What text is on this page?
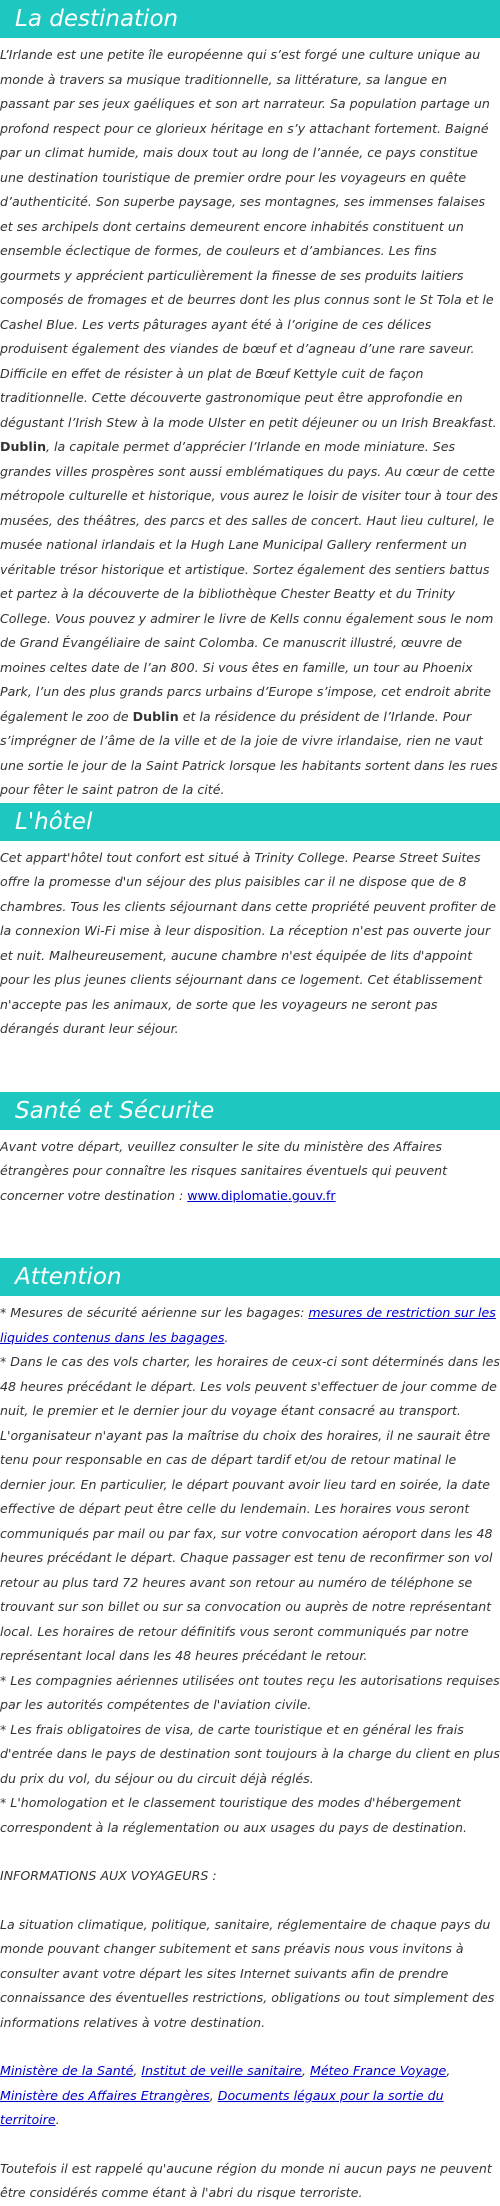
La destination

L’Irlande est une petite île européenne qui s’est forgé une culture unique au monde à travers sa musique traditionnelle, sa littérature, sa langue en passant par ses jeux gaéliques et son art narrateur. Sa population partage un profond respect pour ce glorieux héritage en s’y attachant fortement. Baigné par un climat humide, mais doux tout au long de l’année, ce pays constitue une destination touristique de premier ordre pour les voyageurs en quête d’authenticité. Son superbe paysage, ses montagnes, ses immenses falaises et ses archipels dont certains demeurent encore inhabités constituent un ensemble éclectique de formes, de couleurs et d’ambiances. Les fins gourmets y apprécient particulièrement la finesse de ses produits laitiers composés de fromages et de beurres dont les plus connus sont le St Tola et le Cashel Blue. Les verts pâturages ayant été à l’origine de ces délices produisent également des viandes de bœuf et d’agneau d’une rare saveur.

Difficile en effet de résister à un plat de Bœuf Kettyle cuit de façon traditionnelle. Cette découverte gastronomique peut être approfondie en dégustant l’Irish Stew à la mode Ulster en petit déjeuner ou un Irish Breakfast.

Dublin, la capitale permet d’apprécier l’Irlande en mode miniature. Ses grandes villes prospères sont aussi emblématiques du pays. Au cœur de cette métropole culturelle et historique, vous aurez le loisir de visiter tour à tour des musées, des théâtres, des parcs et des salles de concert. Haut lieu culturel, le musée national irlandais et la Hugh Lane Municipal Gallery renferment un véritable trésor historique et artistique. Sortez également des sentiers battus et partez à la découverte de la bibliothèque Chester Beatty et du Trinity College. Vous pouvez y admirer le livre de Kells connu également sous le nom de Grand Évangéliaire de saint Colomba. Ce manuscrit illustré, œuvre de moines celtes date de l’an 800. Si vous êtes en famille, un tour au Phoenix Park, l’un des plus grands parcs urbains d’Europe s’impose, cet endroit abrite également le zoo de Dublin et la résidence du président de l’Irlande. Pour s’imprégner de l’âme de la ville et de la joie de vivre irlandaise, rien ne vaut une sortie le jour de la Saint Patrick lorsque les habitants sortent dans les rues pour fêter le saint patron de la cité.

L'hôtel

Cet appart'hôtel tout confort est situé à Trinity College. Pearse Street Suites offre la promesse d'un séjour des plus paisibles car il ne dispose que de 8 chambres. Tous les clients séjournant dans cette propriété peuvent profiter de la connexion Wi-Fi mise à leur disposition. La réception n'est pas ouverte jour et nuit. Malheureusement, aucune chambre n'est équipée de lits d'appoint pour les plus jeunes clients séjournant dans ce logement. Cet établissement n'accepte pas les animaux, de sorte que les voyageurs ne seront pas dérangés durant leur séjour.

Santé et Sécurite

Avant votre départ, veuillez consulter le site du ministère des Affaires étrangères pour connaître les risques sanitaires éventuels qui peuvent concerner votre destination : www.diplomatie.gouv.fr

Attention

* Mesures de sécurité aérienne sur les bagages: mesures de restriction sur les liquides contenus dans les bagages.

* Dans le cas des vols charter, les horaires de ceux-ci sont déterminés dans les 48 heures précédant le départ. Les vols peuvent s'effectuer de jour comme de nuit, le premier et le dernier jour du voyage étant consacré au transport. L'organisateur n'ayant pas la maîtrise du choix des horaires, il ne saurait être tenu pour responsable en cas de départ tardif et/ou de retour matinal le dernier jour. En particulier, le départ pouvant avoir lieu tard en soirée, la date effective de départ peut être celle du lendemain. Les horaires vous seront communiqués par mail ou par fax, sur votre convocation aéroport dans les 48 heures précédant le départ. Chaque passager est tenu de reconfirmer son vol retour au plus tard 72 heures avant son retour au numéro de téléphone se trouvant sur son billet ou sur sa convocation ou auprès de notre représentant local. Les horaires de retour définitifs vous seront communiqués par notre représentant local dans les 48 heures précédant le retour.

* Les compagnies aériennes utilisées ont toutes reçu les autorisations requises par les autorités compétentes de l'aviation civile.

* Les frais obligatoires de visa, de carte touristique et en général les frais d'entrée dans le pays de destination sont toujours à la charge du client en plus du prix du vol, du séjour ou du circuit déjà réglés.

* L'homologation et le classement touristique des modes d'hébergement correspondent à la réglementation ou aux usages du pays de destination.

INFORMATIONS AUX VOYAGEURS :

La situation climatique, politique, sanitaire, réglementaire de chaque pays du monde pouvant changer subitement et sans préavis nous vous invitons à consulter avant votre départ les sites Internet suivants afin de prendre connaissance des éventuelles restrictions, obligations ou tout simplement des informations relatives à votre destination.

Ministère de la Santé, Institut de veille sanitaire, Méteo France Voyage, Ministère des Affaires Etrangères, Documents légaux pour la sortie du territoire.

Toutefois il est rappelé qu'aucune région du monde ni aucun pays ne peuvent être considérés comme étant à l'abri du risque terroriste.
